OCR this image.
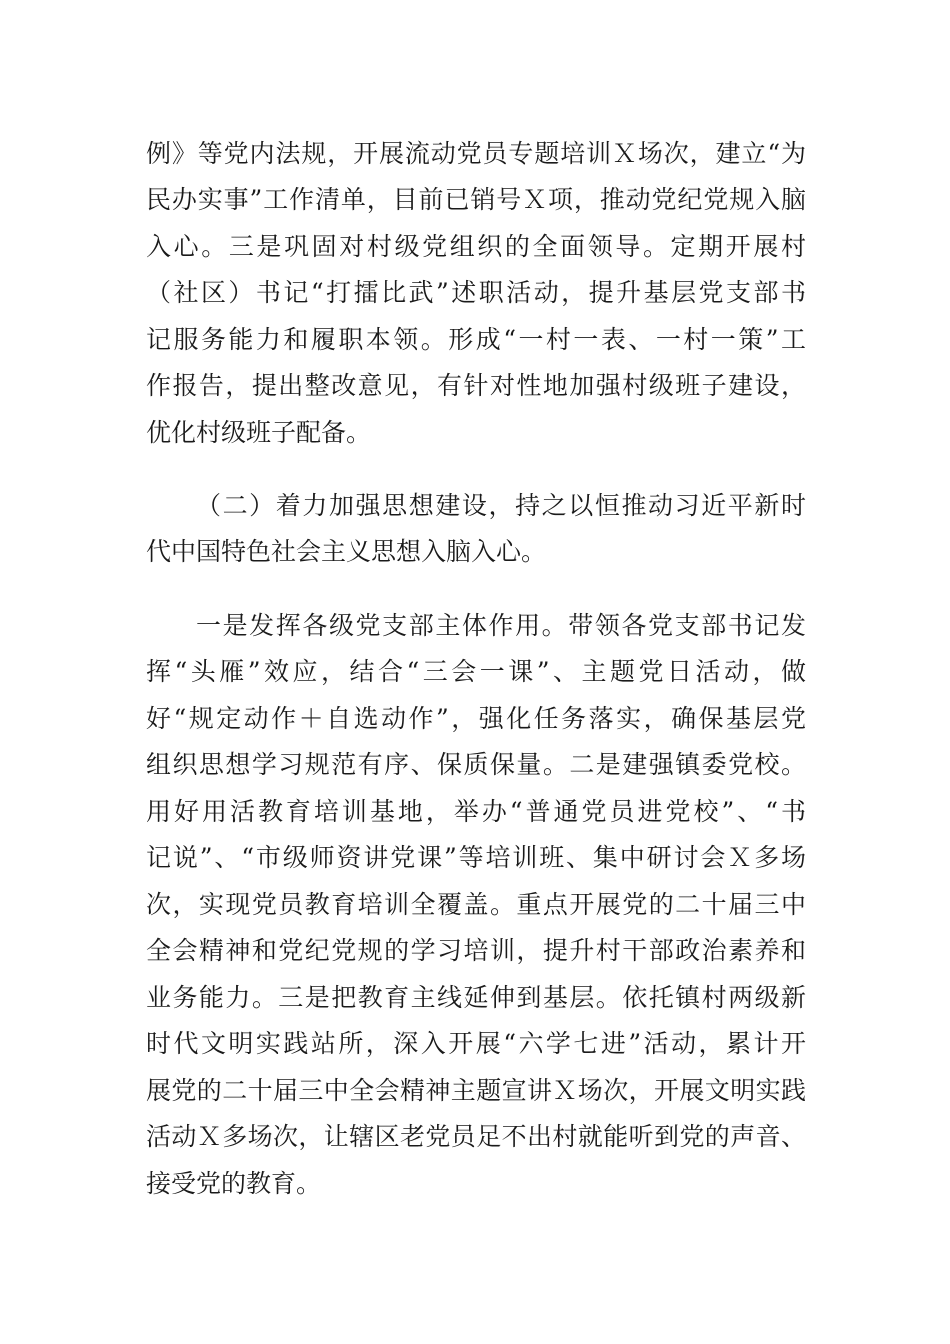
例》等党内法规，开展流动党员专题培训Ｘ场次，建立“为
民办实事”工作清单，目前已销号Ｘ项，推动党纪党规入脑
入心。三是巩固对村级党组织的全面领导。定期开展村
（社区）书记“打擂比武”述职活动，提升基层党支部书
记服务能力和履职本领。形成“一村一表、一村一策”工
作报告，提出整改意见，有针对性地加强村级班子建设，
优化村级班子配备。
（二）着力加强思想建设，持之以恒推动习近平新时
代中国特色社会主义思想入脑入心。
一是发挥各级党支部主体作用。带领各党支部书记发
挥“头雁”效应，结合“三会一课”、主题党日活动，做
好“规定动作＋自选动作”，强化任务落实，确保基层党
组织思想学习规范有序、保质保量。二是建强镇委党校。
用好用活教育培训基地，举办“普通党员进党校”、“书
记说”、“市级师资讲党课”等培训班、集中研讨会Ｘ多场
次，实现党员教育培训全覆盖。重点开展党的二十届三中
全会精神和党纪党规的学习培训，提升村干部政治素养和
业务能力。三是把教育主线延伸到基层。依托镇村两级新
时代文明实践站所，深入开展“六学七进”活动，累计开
展党的二十届三中全会精神主题宣讲Ｘ场次，开展文明实践
活动Ｘ多场次，让辖区老党员足不出村就能听到党的声音、
接受党的教育。
